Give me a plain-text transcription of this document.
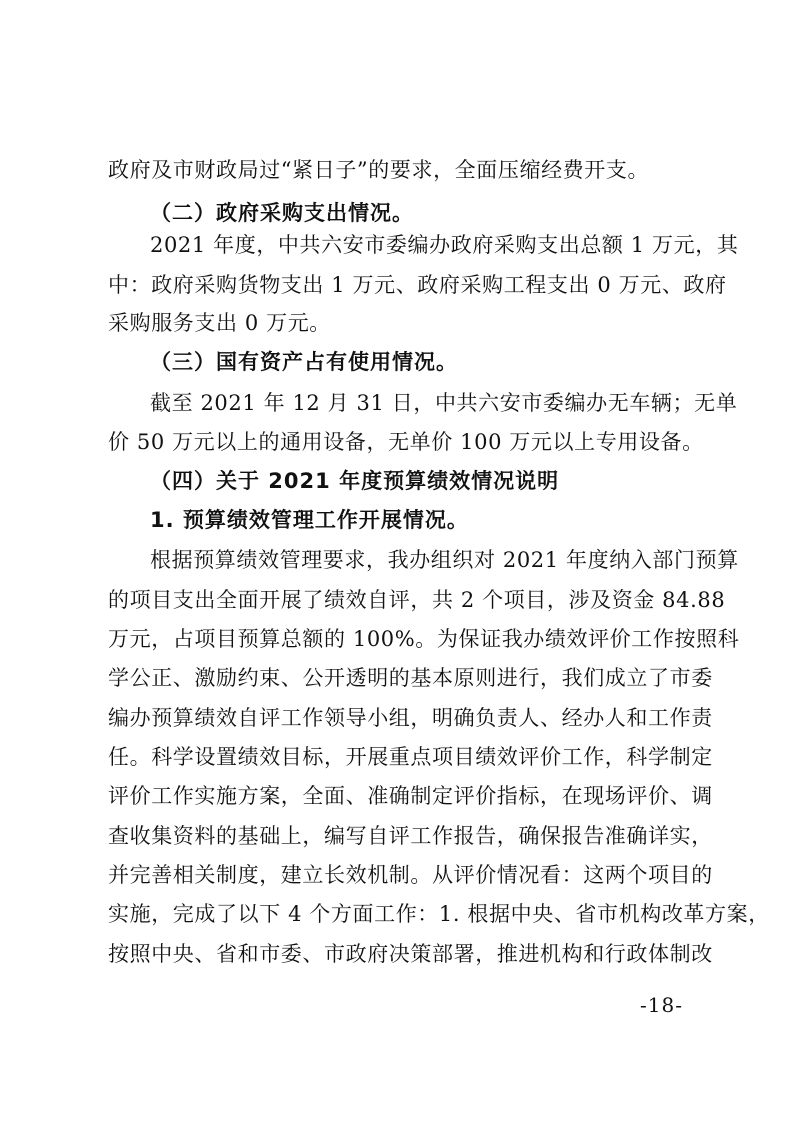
政府及市财政局过“紧日子”的要求，全面压缩经费开支。
（二）政府采购支出情况。
2021 年度，中共六安市委编办政府采购支出总额 1 万元，其
中：政府采购货物支出 1 万元、政府采购工程支出 0 万元、政府
采购服务支出 0 万元。
（三）国有资产占有使用情况。
截至 2021 年 12 月 31 日，中共六安市委编办无车辆；无单
价 50 万元以上的通用设备，无单价 100 万元以上专用设备。
（四）关于 2021 年度预算绩效情况说明
1. 预算绩效管理工作开展情况。
根据预算绩效管理要求，我办组织对 2021 年度纳入部门预算
的项目支出全面开展了绩效自评，共 2 个项目，涉及资金 84.88
万元，占项目预算总额的 100%。为保证我办绩效评价工作按照科
学公正、激励约束、公开透明的基本原则进行，我们成立了市委
编办预算绩效自评工作领导小组，明确负责人、经办人和工作责
任。科学设置绩效目标，开展重点项目绩效评价工作，科学制定
评价工作实施方案，全面、准确制定评价指标，在现场评价、调
查收集资料的基础上，编写自评工作报告，确保报告准确详实，
并完善相关制度，建立长效机制。从评价情况看：这两个项目的
实施，完成了以下 4 个方面工作：1. 根据中央、省市机构改革方案，
按照中央、省和市委、市政府决策部署，推进机构和行政体制改
-18-
